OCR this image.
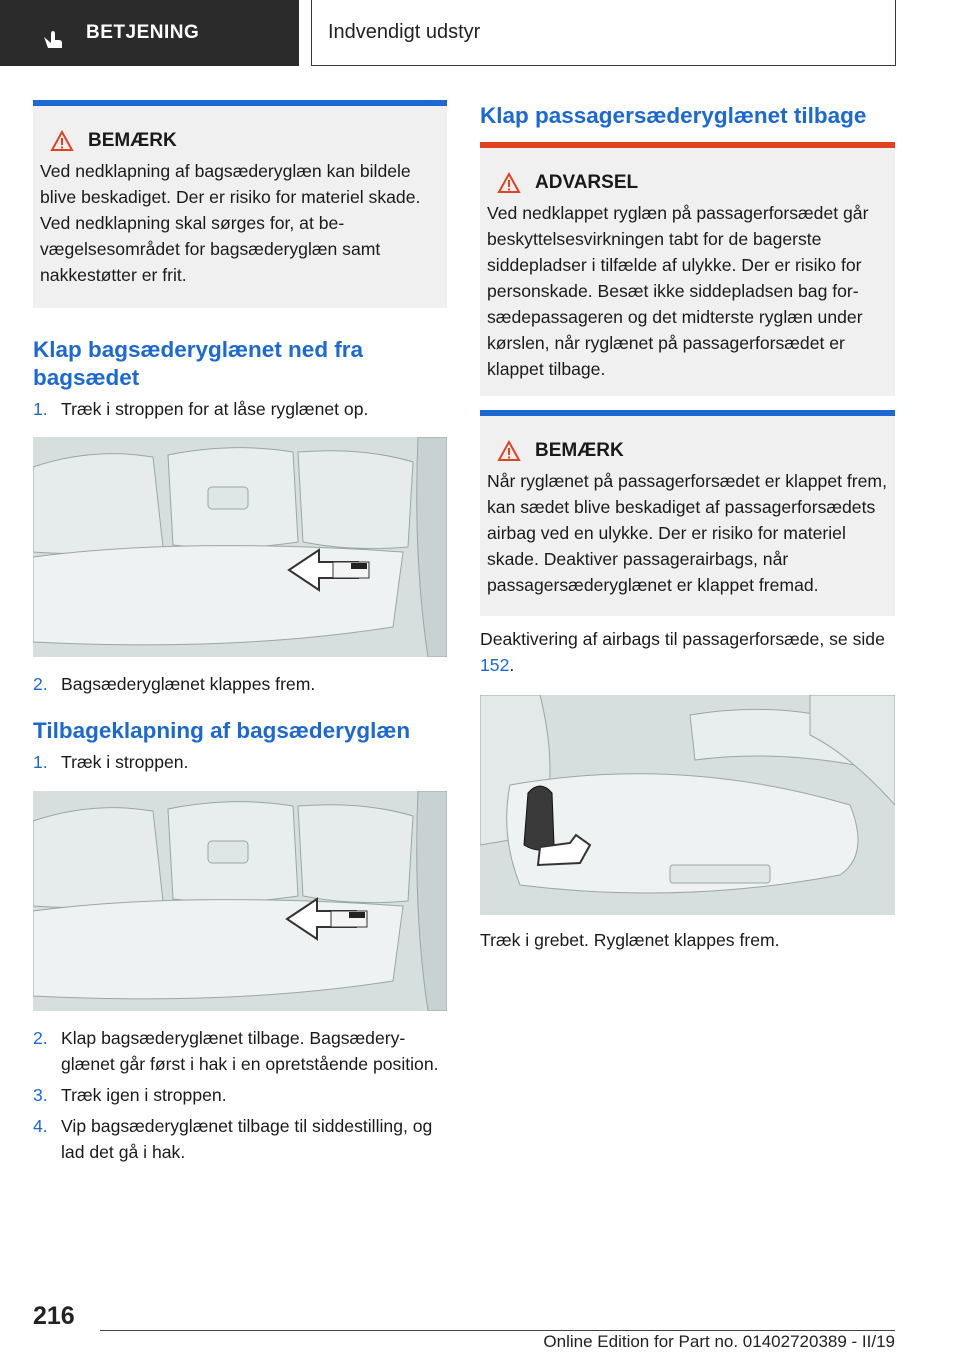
BETJENING	Indvendigt udstyr
BEMÆRK
Ved nedklapning af bagsæderyglæn kan bildele blive beskadiget. Der er risiko for materiel skade. Ved nedklapning skal sørges for, at bevægelsesområdet for bagsæderyglæn samt nakkestøtter er frit.
Klap bagsæderyglænet ned fra bagsædet
1. Træk i stroppen for at låse ryglænet op.
2. Bagsæderyglænet klappes frem.
Tilbageklapning af bagsæderyglæn
1. Træk i stroppen.
2. Klap bagsæderyglænet tilbage. Bagsæderyglænet går først i hak i en opretstående position.
3. Træk igen i stroppen.
4. Vip bagsæderyglænet tilbage til siddestilling, og lad det gå i hak.
Klap passagersæderyglænet tilbage
ADVARSEL
Ved nedklappet ryglæn på passagerforsædet går beskyttelsesvirkningen tabt for de bagerste siddepladser i tilfælde af ulykke. Der er risiko for personskade. Besæt ikke siddepladsen bag forsædepassageren og det midterste ryglæn under kørslen, når ryglænet på passagerforsædet er klappet tilbage.
BEMÆRK
Når ryglænet på passagerforsædet er klappet frem, kan sædet blive beskadiget af passagerforsædets airbag ved en ulykke. Der er risiko for materiel skade. Deaktiver passagerairbags, når passagersæderyglænet er klappet fremad.
Deaktivering af airbags til passagerforsæde, se side 152.
Træk i grebet. Ryglænet klappes frem.
216
Online Edition for Part no. 01402720389 - II/19
